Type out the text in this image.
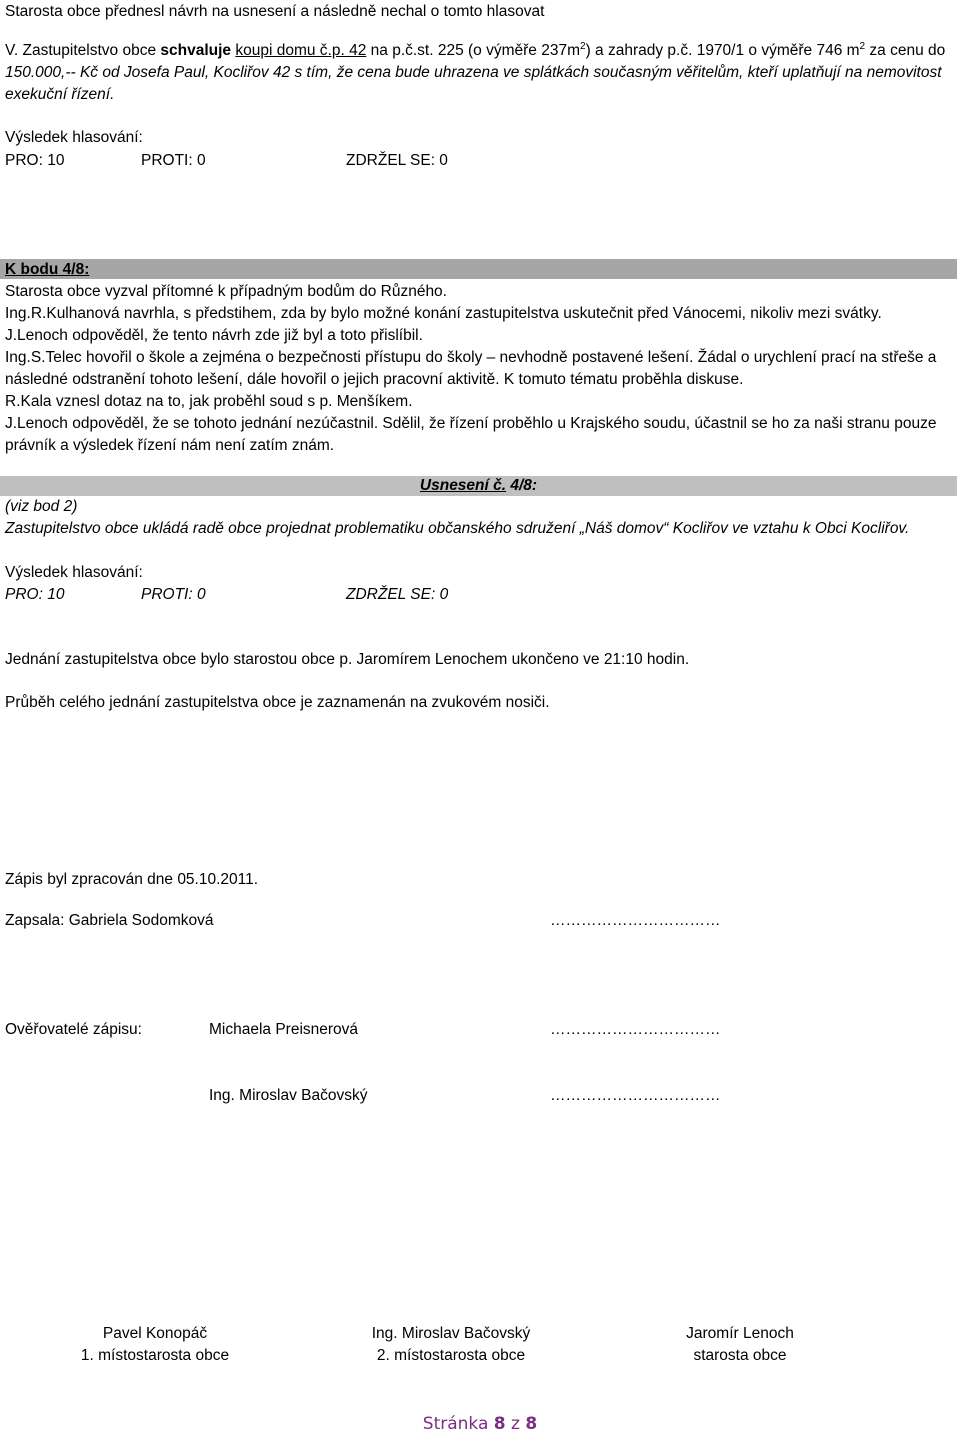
Starosta obce přednesl návrh na usnesení a následně nechal o tomto hlasovat
V. Zastupitelstvo obce schvaluje koupi domu č.p. 42 na p.č.st. 225 (o výměře $237m^2$) a zahrady p.č. 1970/1 o výměře 746 $m^2$ za cenu do
150.000,-- Kč od Josefa Paul, Kocliřov 42 s tím, že cena bude uhrazena ve splátkách současným věřitelům, kteří uplatňují na nemovitost
exekuční řízení.
Výsledek hlasování:
PRO: 10	PROTI: 0	ZDRŽEL SE: 0
K bodu 4/8:
Starosta obce vyzval přítomné k případným bodům do Různého.
Ing.R.Kulhanová navrhla, s předstihem, zda by bylo možné konání zastupitelstva uskutečnit před Vánocemi, nikoliv mezi svátky.
J.Lenoch odpověděl, že tento návrh zde již byl a toto přislíbil.
Ing.S.Telec hovořil o škole a zejména o bezpečnosti přístupu do školy – nevhodně postavené lešení. Žádal o urychlení prací na střeše a
následné odstranění tohoto lešení, dále hovořil o jejich pracovní aktivitě. K tomuto tématu proběhla diskuse.
R.Kala vznesl dotaz na to, jak proběhl soud s p. Menšíkem.
J.Lenoch odpověděl, že se tohoto jednání nezúčastnil. Sdělil, že řízení proběhlo u Krajského soudu, účastnil se ho za naši stranu pouze
právník a výsledek řízení nám není zatím znám.
Usnesení č. 4/8:
(viz bod 2)
Zastupitelstvo obce ukládá radě obce projednat problematiku občanského sdružení „Náš domov“ Kocliřov ve vztahu k Obci Kocliřov.
Výsledek hlasování:
PRO: 10	PROTI: 0	ZDRŽEL SE: 0
Jednání zastupitelstva obce bylo starostou obce p. Jaromírem Lenochem ukončeno ve 21:10 hodin.
Průběh celého jednání zastupitelstva obce je zaznamenán na zvukovém nosiči.
Zápis byl zpracován dne 05.10.2011.
Zapsala: Gabriela Sodomková	……………………………
Ověřovatelé zápisu:	Michaela Preisnerová	……………………………
Ing. Miroslav Bačovský	……………………………
Pavel Konopáč
1. místostarosta obce
Ing. Miroslav Bačovský
2. místostarosta obce
Jaromír Lenoch
starosta obce
Stránka 8 z 8
